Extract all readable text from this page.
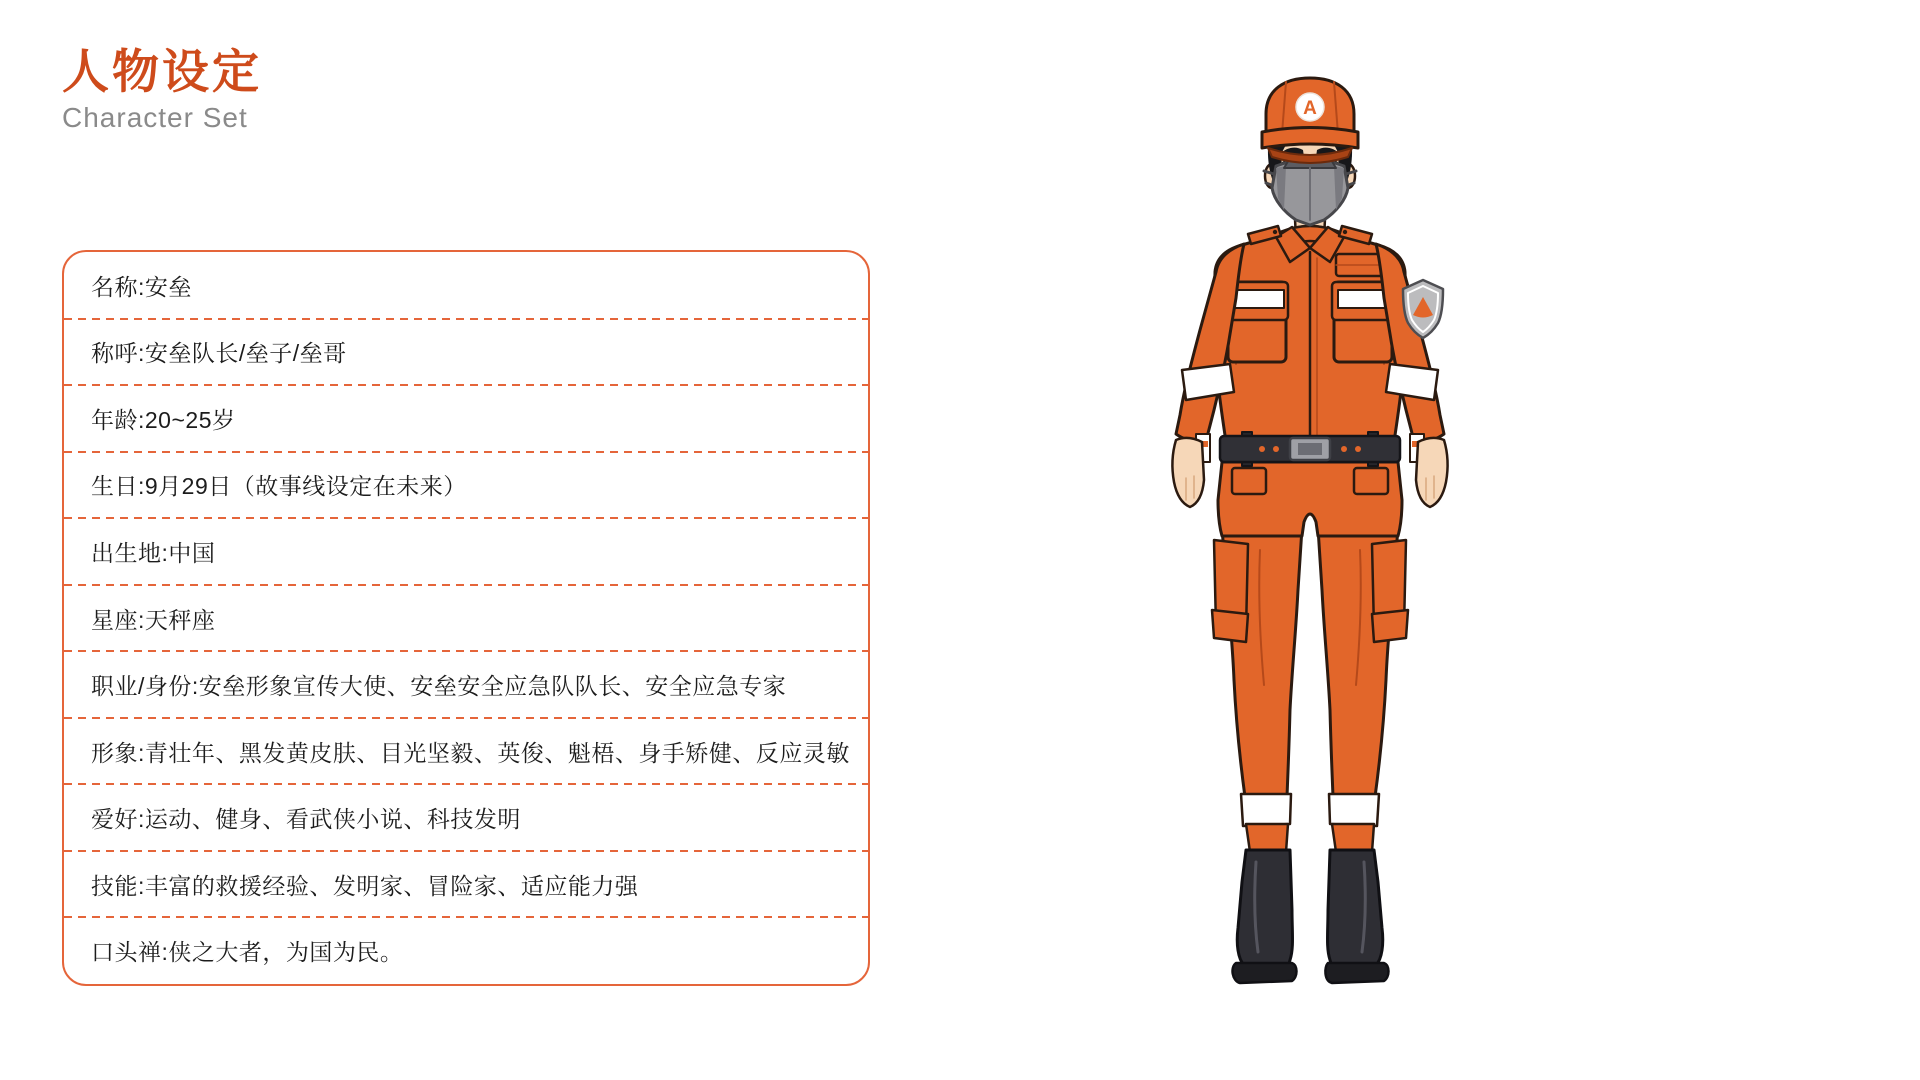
人物设定
Character Set
名称:安垒
称呼:安垒队长/垒子/垒哥
年龄:20~25岁
生日:9月29日（故事线设定在未来）
出生地:中国
星座:天秤座
职业/身份:安垒形象宣传大使、安垒安全应急队队长、安全应急专家
形象:青壮年、黑发黄皮肤、目光坚毅、英俊、魁梧、身手矫健、反应灵敏
爱好:运动、健身、看武侠小说、科技发明
技能:丰富的救援经验、发明家、冒险家、适应能力强
口头禅:侠之大者，为国为民。
A
